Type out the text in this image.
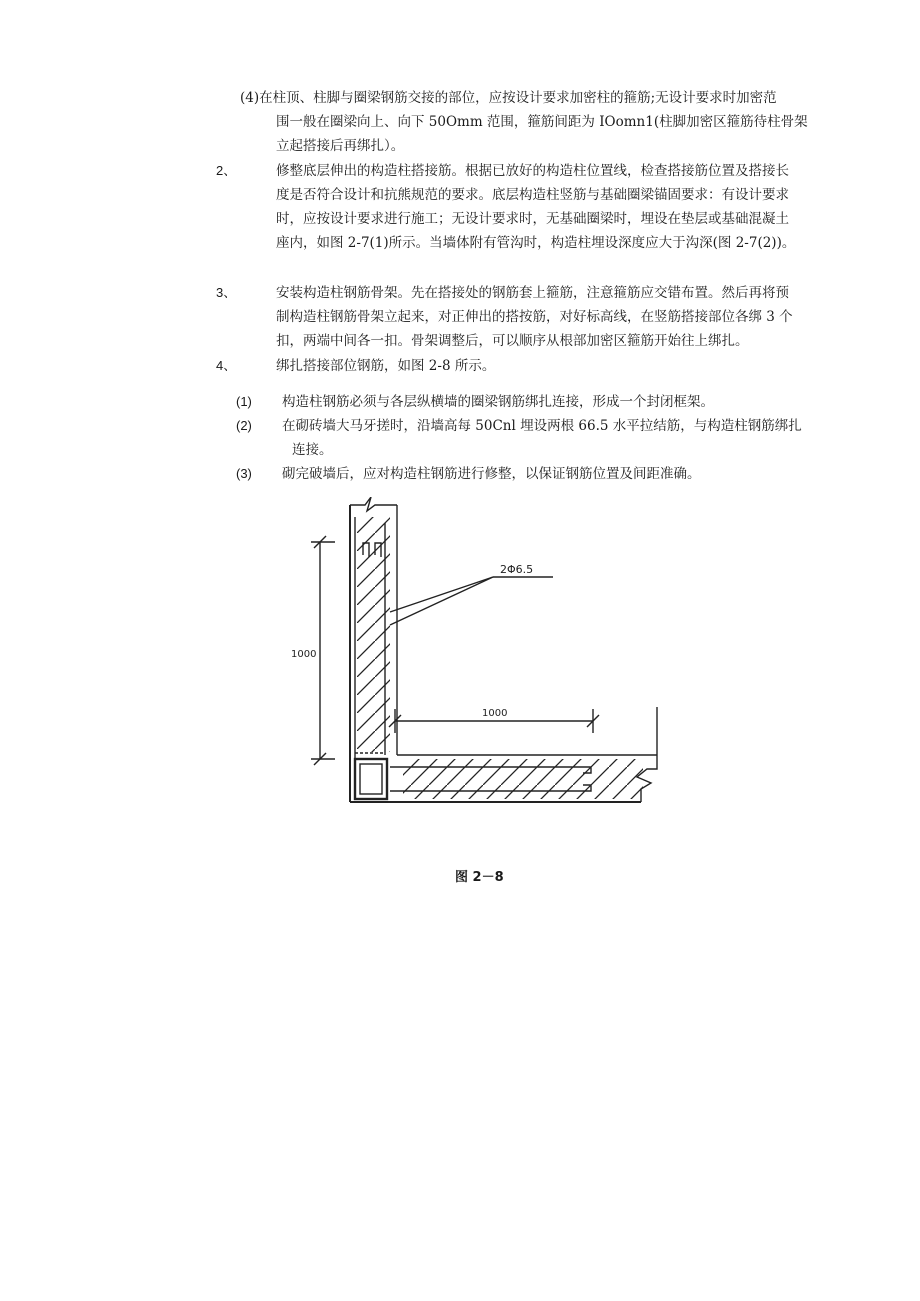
(4)在柱顶、柱脚与圈梁钢筋交接的部位，应按设计要求加密柱的箍筋;无设计要求时加密范
围一般在圈梁向上、向下 50Omm 范围，箍筋间距为 IOomn1(柱脚加密区箍筋待柱骨架
立起搭接后再绑扎）。
2、	修整底层伸出的构造柱搭接筋。根据已放好的构造柱位置线，检查搭接筋位置及搭接长
度是否符合设计和抗熊规范的要求。底层构造柱竖筋与基础圈梁锚固要求：有设计要求
时，应按设计要求进行施工；无设计要求时，无基础圈梁时，埋设在垫层或基础混凝土
座内，如图 2-7(1)所示。当墙体附有管沟时，构造柱埋设深度应大于沟深(图 2-7(2))。
3、	安装构造柱钢筋骨架。先在搭接处的钢筋套上箍筋，注意箍筋应交错布置。然后再将预
制构造柱钢筋骨架立起来，对正伸出的搭按筋，对好标高线，在竖筋搭接部位各绑 3 个
扣，两端中间各一扣。骨架调整后，可以顺序从根部加密区箍筋开始往上绑扎。
4、	绑扎搭接部位钢筋，如图 2-8 所示。
(1) 构造柱钢筋必须与各层纵横墙的圈梁钢筋绑扎连接，形成一个封闭框架。
(2) 在砌砖墙大马牙搓时，沿墙高每 50Cnl 埋设两根 66.5 水平拉结筋，与构造柱钢筋绑扎
连接。
(3) 砌完破墙后，应对构造柱钢筋进行修整，以保证钢筋位置及间距准确。
2Φ6.5
1000
1000
图 2－8
